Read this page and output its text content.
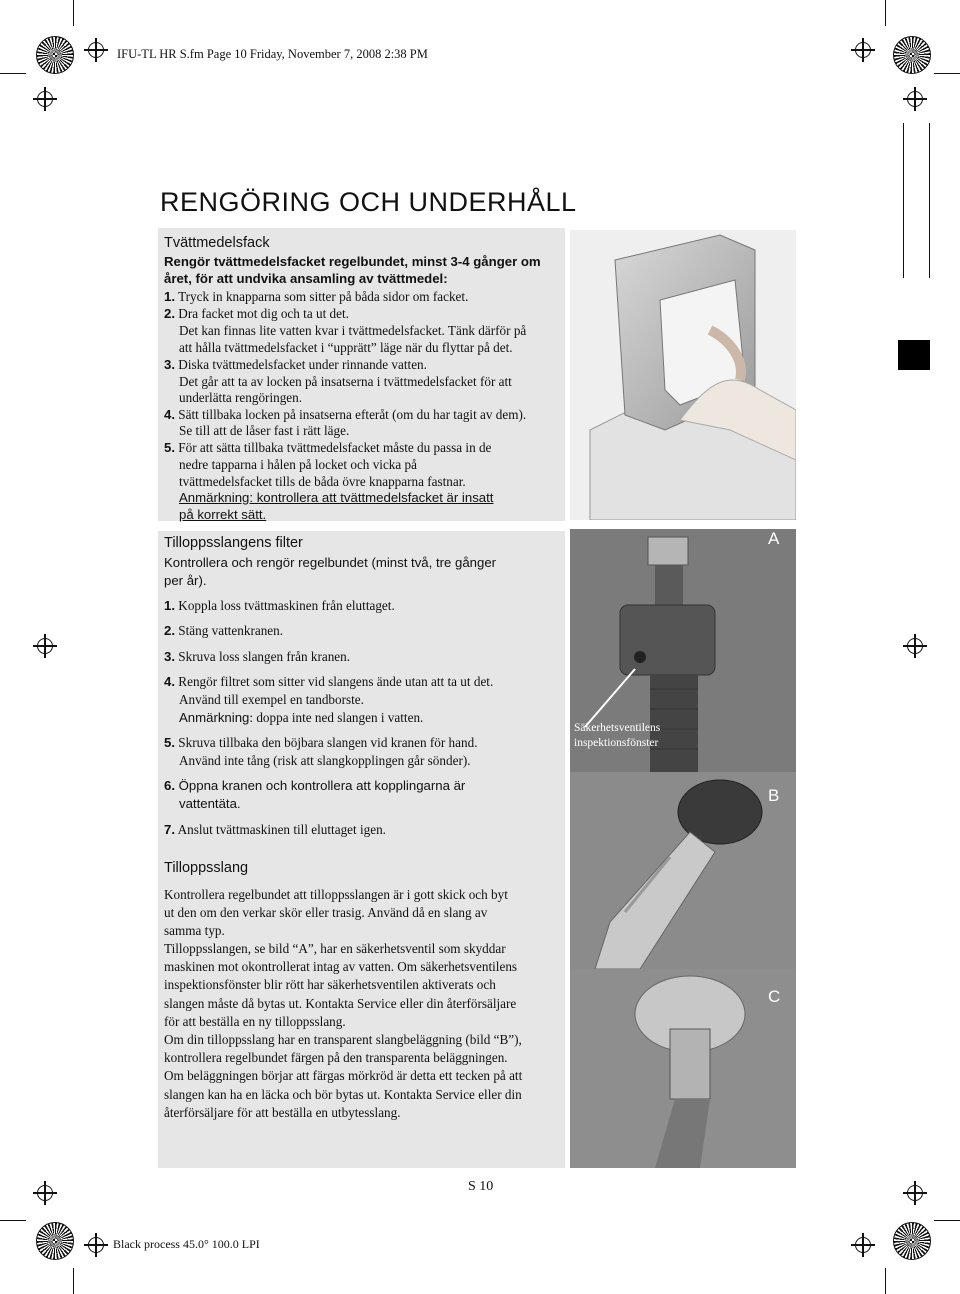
IFU-TL HR S.fm Page 10 Friday, November 7, 2008 2:38 PM
Black process 45.0° 100.0 LPI
S 10
RENGÖRING OCH UNDERHÅLL
Tvättmedelsfack
Rengör tvättmedelsfacket regelbundet, minst 3-4 gånger om
året, för att undvika ansamling av tvättmedel:
1. Tryck in knapparna som sitter på båda sidor om facket.
2. Dra facket mot dig och ta ut det.
Det kan finnas lite vatten kvar i tvättmedelsfacket. Tänk därför på
att hålla tvättmedelsfacket i “upprätt” läge när du flyttar på det.
3. Diska tvättmedelsfacket under rinnande vatten.
Det går att ta av locken på insatserna i tvättmedelsfacket för att
underlätta rengöringen.
4. Sätt tillbaka locken på insatserna efteråt (om du har tagit av dem).
Se till att de låser fast i rätt läge.
5. För att sätta tillbaka tvättmedelsfacket måste du passa in de
nedre tapparna i hålen på locket och vicka på
tvättmedelsfacket tills de båda övre knapparna fastnar.
Anmärkning: kontrollera att tvättmedelsfacket är insatt
på korrekt sätt.
Tilloppsslangens filter
Kontrollera och rengör regelbundet (minst två, tre gånger
per år).
1. Koppla loss tvättmaskinen från eluttaget.
2. Stäng vattenkranen.
3. Skruva loss slangen från kranen.
4. Rengör filtret som sitter vid slangens ände utan att ta ut det.
Använd till exempel en tandborste.
Anmärkning: doppa inte ned slangen i vatten.
5. Skruva tillbaka den böjbara slangen vid kranen för hand.
Använd inte tång (risk att slangkopplingen går sönder).
6. Öppna kranen och kontrollera att kopplingarna är
vattentäta.
7. Anslut tvättmaskinen till eluttaget igen.
Tilloppsslang
Kontrollera regelbundet att tilloppsslangen är i gott skick och byt
ut den om den verkar skör eller trasig. Använd då en slang av
samma typ.
Tilloppsslangen, se bild “A”, har en säkerhetsventil som skyddar
maskinen mot okontrollerat intag av vatten. Om säkerhetsventilens
inspektionsfönster blir rött har säkerhetsventilen aktiverats och
slangen måste då bytas ut. Kontakta Service eller din återförsäljare
för att beställa en ny tilloppsslang.
Om din tilloppsslang har en transparent slangbeläggning (bild “B”),
kontrollera regelbundet färgen på den transparenta beläggningen.
Om beläggningen börjar att färgas mörkröd är detta ett tecken på att
slangen kan ha en läcka och bör bytas ut. Kontakta Service eller din
återförsäljare för att beställa en utbytesslang.
A
Säkerhetsventilens
inspektionsfönster
B
C
